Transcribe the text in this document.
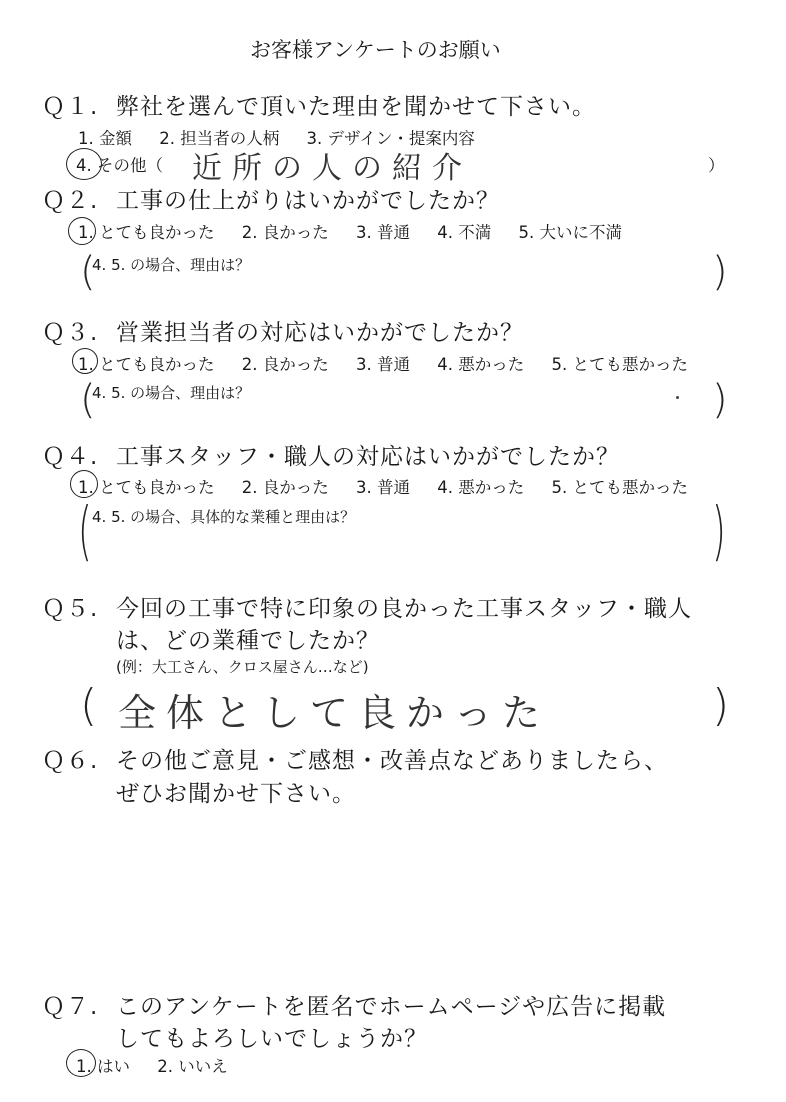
お客様アンケートのお願い
Ｑ１. 弊社を選んで頂いた理由を聞かせて下さい。
1. 金額 2. 担当者の人柄 3. デザイン・提案内容
4. その他（ 近所の人の紹介	）
Ｑ２. 工事の仕上がりはいかがでしたか？
1. とても良かった 2. 良かった 3. 普通 4. 不満 5. 大いに不満
(
4. 5. の場合、理由は？	)
Ｑ３. 営業担当者の対応はいかがでしたか？
1. とても良かった 2. 良かった 3. 普通 4. 悪かった 5. とても悪かった
(
4. 5. の場合、理由は？	)
Ｑ４. 工事スタッフ・職人の対応はいかがでしたか？
1. とても良かった 2. 良かった 3. 普通 4. 悪かった 5. とても悪かった
( 4. 5. の場合、具体的な業種と理由は？	)
Ｑ５. 今回の工事で特に印象の良かった工事スタッフ・職人
は、どの業種でしたか？
(例：大工さん、クロス屋さん…など)
( 全体として良かった	)
Ｑ６. その他ご意見・ご感想・改善点などありましたら、
ぜひお聞かせ下さい。
Ｑ７. このアンケートを匿名でホームページや広告に掲載
してもよろしいでしょうか？
1. はい 2. いいえ
